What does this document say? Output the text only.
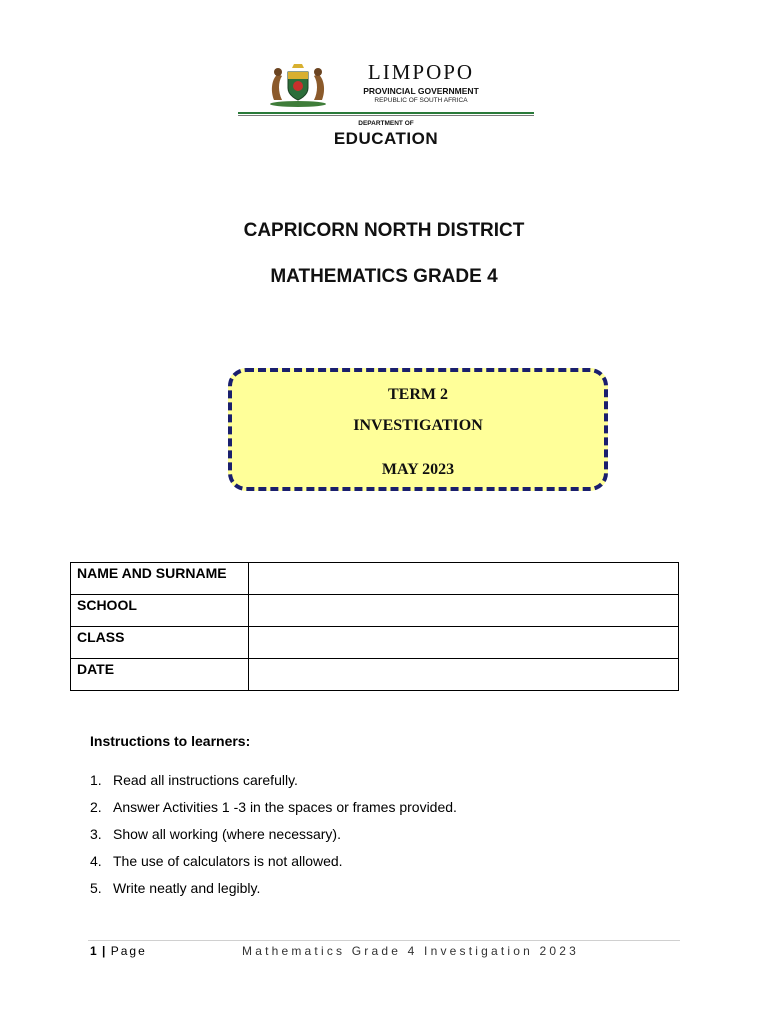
LIMPOPO
PROVINCIAL GOVERNMENT
REPUBLIC OF SOUTH AFRICA
DEPARTMENT OF
EDUCATION
CAPRICORN NORTH DISTRICT
MATHEMATICS GRADE 4
TERM 2
INVESTIGATION
MAY 2023
NAME AND SURNAME	
SCHOOL	
CLASS	
DATE	
Instructions to learners:
1. Read all instructions carefully.
2. Answer Activities 1 -3 in the spaces or frames provided.
3. Show all working (where necessary).
4. The use of calculators is not allowed.
5. Write neatly and legibly.
1 | Page	Mathematics Grade 4 Investigation 2023
